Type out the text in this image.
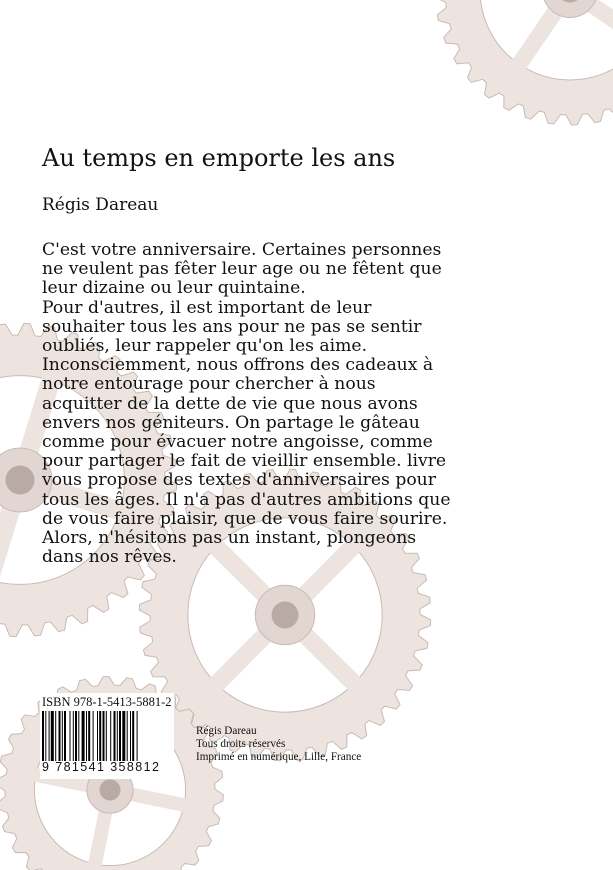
Au temps en emporte les ans

Régis Dareau

C'est votre anniversaire. Certaines personnes

ne veulent pas fêter leur age ou ne fêtent que

leur dizaine ou leur quintaine.

Pour d'autres, il est important de leur

souhaiter tous les ans pour ne pas se sentir

oubliés, leur rappeler qu'on les aime.

Inconsciemment, nous offrons des cadeaux à

notre entourage pour chercher à nous

acquitter de la dette de vie que nous avons

envers nos géniteurs. On partage le gâteau

comme pour évacuer notre angoisse, comme

pour partager le fait de vieillir ensemble. livre

vous propose des textes d'anniversaires pour

tous les âges. Il n'a pas d'autres ambitions que

de vous faire plaisir, que de vous faire sourire.

Alors, n'hésitons pas un instant, plongeons

dans nos rêves.

ISBN 978-1-5413-5881-2
9 781541 358812
Régis Dareau
Tous droits réservés
Imprimé en numérique, Lille, France
